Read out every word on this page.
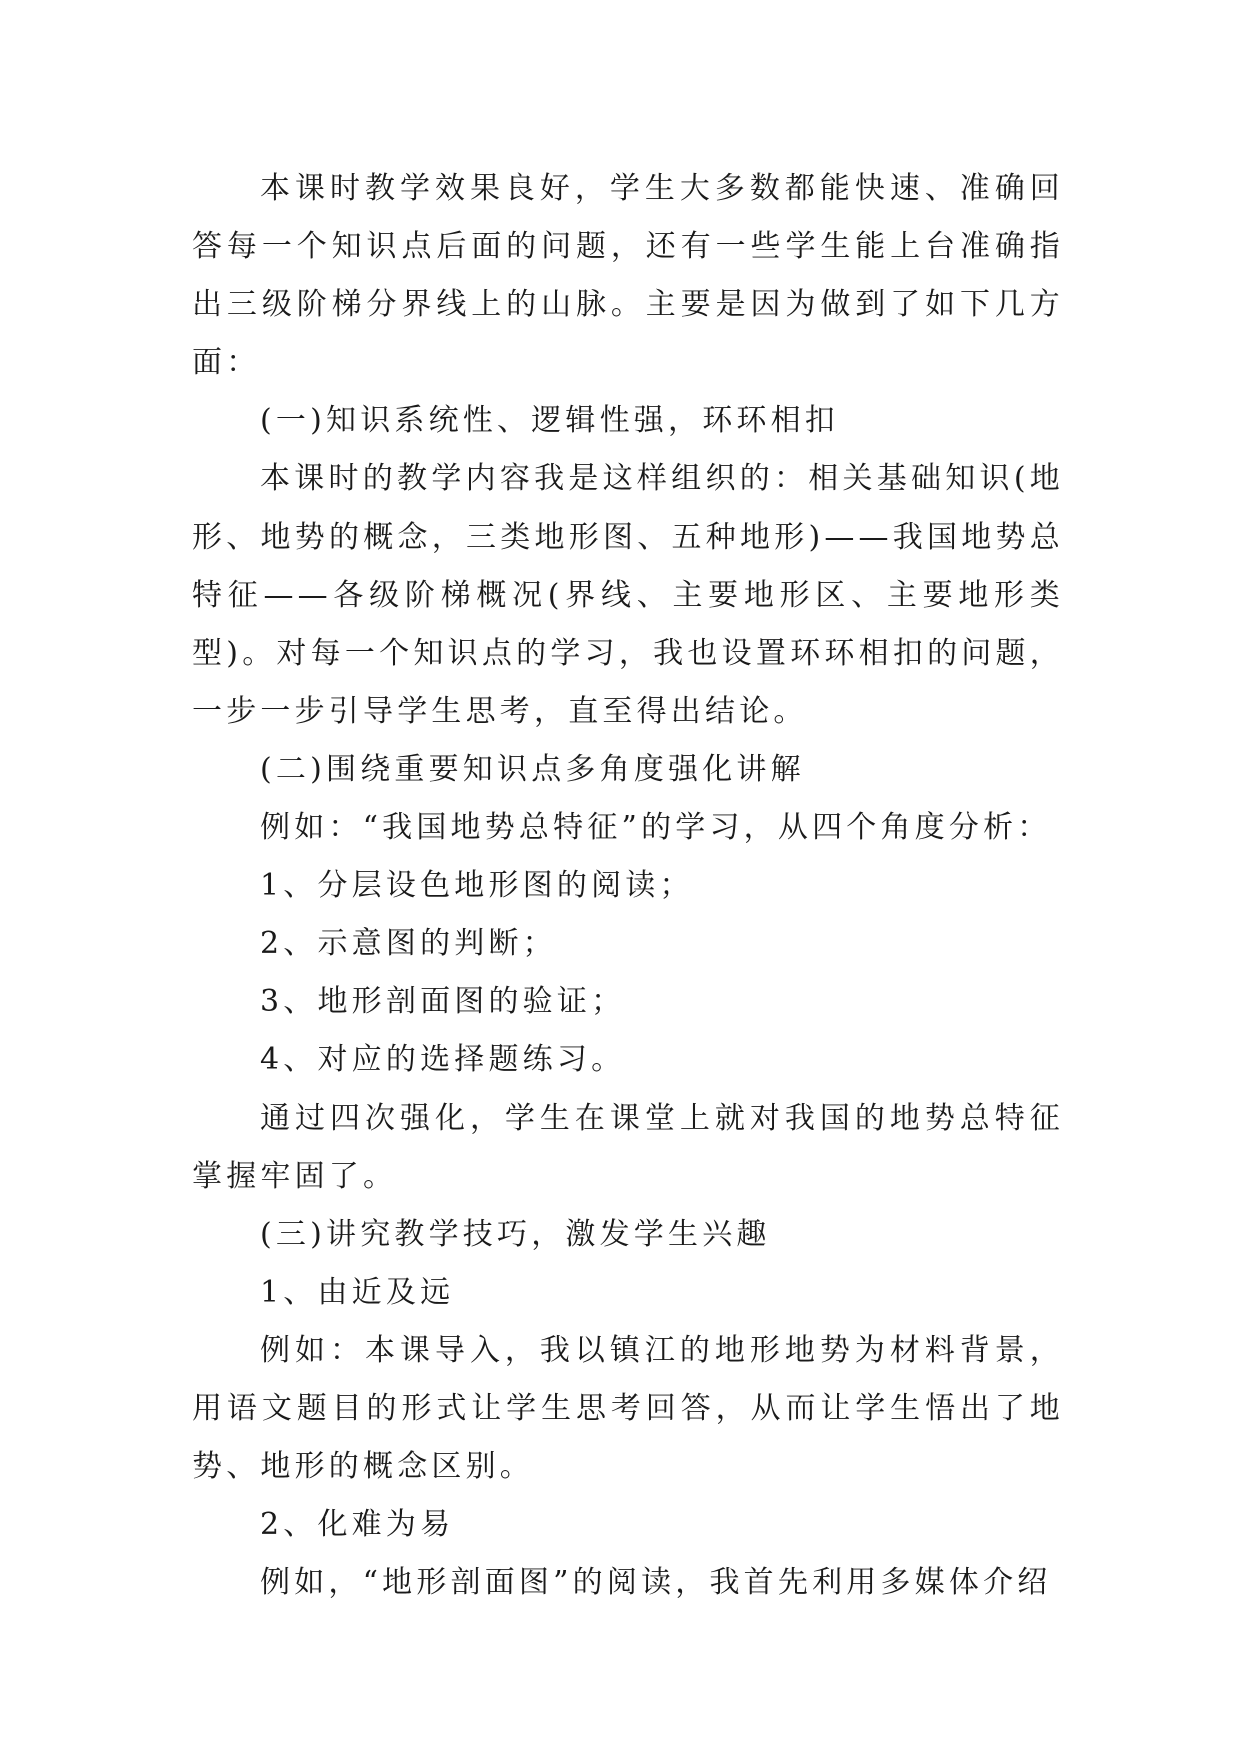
本课时教学效果良好，学生大多数都能快速、准确回答每一个知识点后面的问题，还有一些学生能上台准确指出三级阶梯分界线上的山脉。主要是因为做到了如下几方面：

(一)知识系统性、逻辑性强，环环相扣

本课时的教学内容我是这样组织的：相关基础知识(地形、地势的概念，三类地形图、五种地形)——我国地势总特征——各级阶梯概况(界线、主要地形区、主要地形类型)。对每一个知识点的学习，我也设置环环相扣的问题，一步一步引导学生思考，直至得出结论。

(二)围绕重要知识点多角度强化讲解

例如：“我国地势总特征”的学习，从四个角度分析：

1、分层设色地形图的阅读；

2、示意图的判断；

3、地形剖面图的验证；

4、对应的选择题练习。

通过四次强化，学生在课堂上就对我国的地势总特征掌握牢固了。

(三)讲究教学技巧，激发学生兴趣

1、由近及远

例如：本课导入，我以镇江的地形地势为材料背景，用语文题目的形式让学生思考回答，从而让学生悟出了地势、地形的概念区别。

2、化难为易

例如，“地形剖面图”的阅读，我首先利用多媒体介绍
